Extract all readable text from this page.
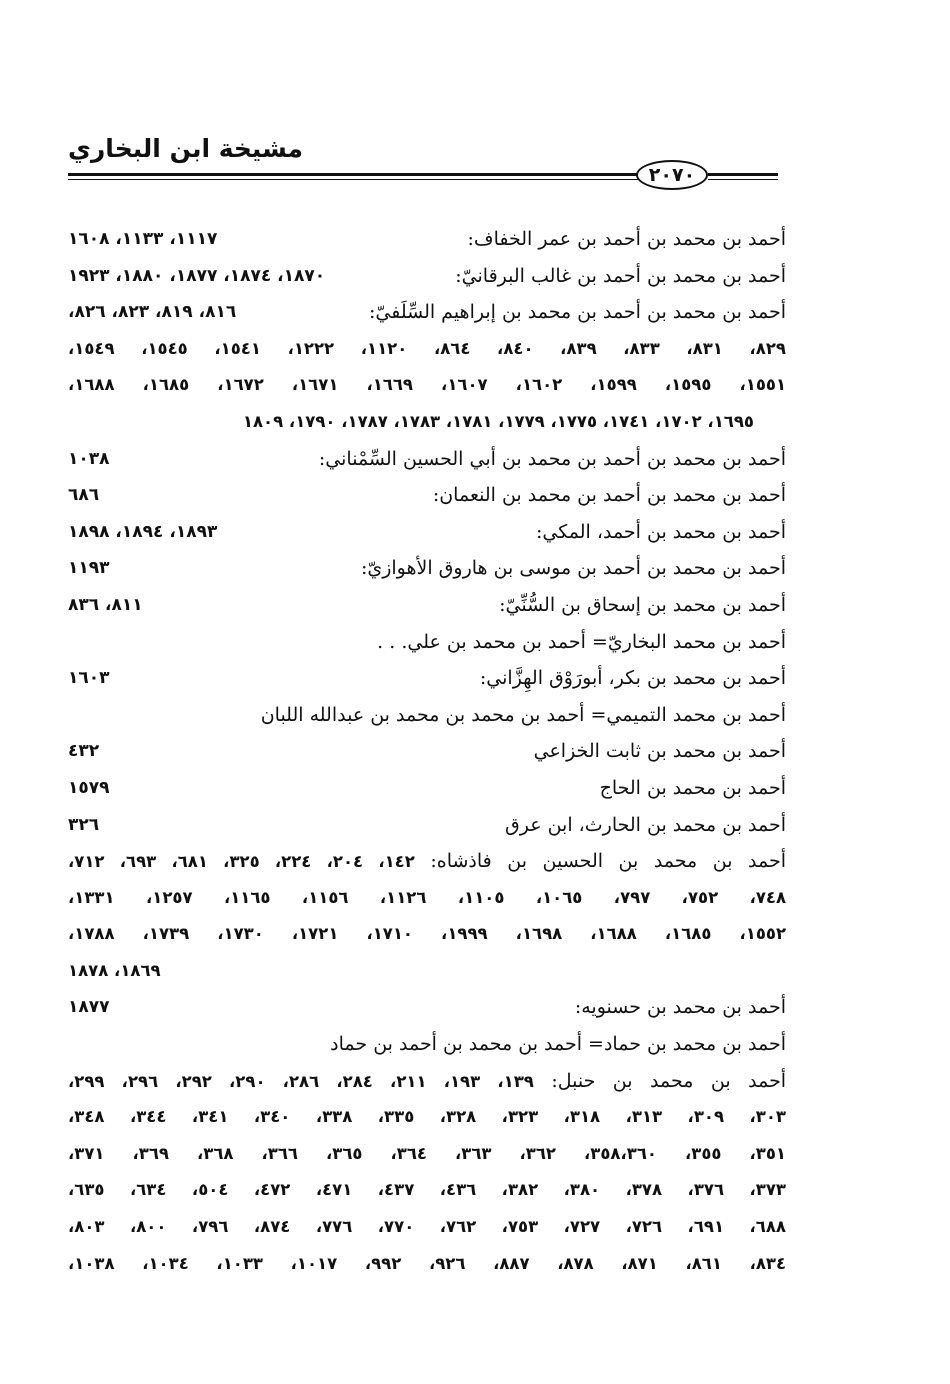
مشيخة ابن البخاري
٢٠٧٠
أحمد بن محمد بن أحمد بن عمر الخفاف:
١١١٧، ١١٣٣، ١٦٠٨
أحمد بن محمد بن أحمد بن غالب البرقانيّ:
١٨٧٠، ١٨٧٤، ١٨٧٧، ١٨٨٠، ١٩٢٣
أحمد بن محمد بن أحمد بن محمد بن إبراهيم السِّلَفيّ:
٨١٦، ٨١٩، ٨٢٣، ٨٢٦،
٨٢٩، ٨٣١، ٨٣٣، ٨٣٩، ٨٤٠، ٨٦٤، ١١٢٠، ١٢٢٢، ١٥٤١، ١٥٤٥، ١٥٤٩،
١٥٥١، ١٥٩٥، ١٥٩٩، ١٦٠٢، ١٦٠٧، ١٦٦٩، ١٦٧١، ١٦٧٢، ١٦٨٥، ١٦٨٨،
١٦٩٥، ١٧٠٢، ١٧٤١، ١٧٧٥، ١٧٧٩، ١٧٨١، ١٧٨٣، ١٧٨٧، ١٧٩٠، ١٨٠٩
أحمد بن محمد بن أحمد بن محمد بن أبي الحسين السِّمْناني:
١٠٣٨
أحمد بن محمد بن أحمد بن محمد بن النعمان:
٦٨٦
أحمد بن محمد بن أحمد، المكي:
١٨٩٣، ١٨٩٤، ١٨٩٨
أحمد بن محمد بن أحمد بن موسى بن هاروق الأهوازيّ:
١١٩٣
أحمد بن محمد بن إسحاق بن السُّنِّيّ:
٨١١، ٨٣٦
أحمد بن محمد البخاريّ= أحمد بن محمد بن علي. . .
أحمد بن محمد بن بكر، أبورَوْق الهِزَّاني:
١٦٠٣
أحمد بن محمد التميمي= أحمد بن محمد بن محمد بن عبدالله اللبان
أحمد بن محمد بن ثابت الخزاعي
٤٣٢
أحمد بن محمد بن الحاج
١٥٧٩
أحمد بن محمد بن الحارث، ابن عرق
٣٢٦
أحمد بن محمد بن الحسين بن فاذشاه: ١٤٢، ٢٠٤، ٢٢٤، ٣٢٥، ٦٨١، ٦٩٣، ٧١٢،
٧٤٨، ٧٥٢، ٧٩٧، ١٠٦٥، ١١٠٥، ١١٢٦، ١١٥٦، ١١٦٥، ١٢٥٧، ١٣٣١،
١٥٥٢، ١٦٨٥، ١٦٨٨، ١٦٩٨، ١٩٩٩، ١٧١٠، ١٧٢١، ١٧٣٠، ١٧٣٩، ١٧٨٨،
١٨٦٩، ١٨٧٨
أحمد بن محمد بن حسنويه:
١٨٧٧
أحمد بن محمد بن حماد= أحمد بن محمد بن أحمد بن حماد
أحمد بن محمد بن حنبل: ١٣٩، ١٩٣، ٢١١، ٢٨٤، ٢٨٦، ٢٩٠، ٢٩٢، ٢٩٦، ٢٩٩،
٣٠٣، ٣٠٩، ٣١٣، ٣١٨، ٣٢٣، ٣٢٨، ٣٣٥، ٣٣٨، ٣٤٠، ٣٤١، ٣٤٤، ٣٤٨،
٣٥١، ٣٥٥، ٣٥٨،٣٦٠، ٣٦٢، ٣٦٣، ٣٦٤، ٣٦٥، ٣٦٦، ٣٦٨، ٣٦٩، ٣٧١،
٣٧٣، ٣٧٦، ٣٧٨، ٣٨٠، ٣٨٢، ٤٣٦، ٤٣٧، ٤٧١، ٤٧٢، ٥٠٤، ٦٣٤، ٦٣٥،
٦٨٨، ٦٩١، ٧٢٦، ٧٢٧، ٧٥٣، ٧٦٢، ٧٧٠، ٧٧٦، ٨٧٤، ٧٩٦، ٨٠٠، ٨٠٣،
٨٣٤، ٨٦١، ٨٧١، ٨٧٨، ٨٨٧، ٩٢٦، ٩٩٢، ١٠١٧، ١٠٣٣، ١٠٣٤، ١٠٣٨،
